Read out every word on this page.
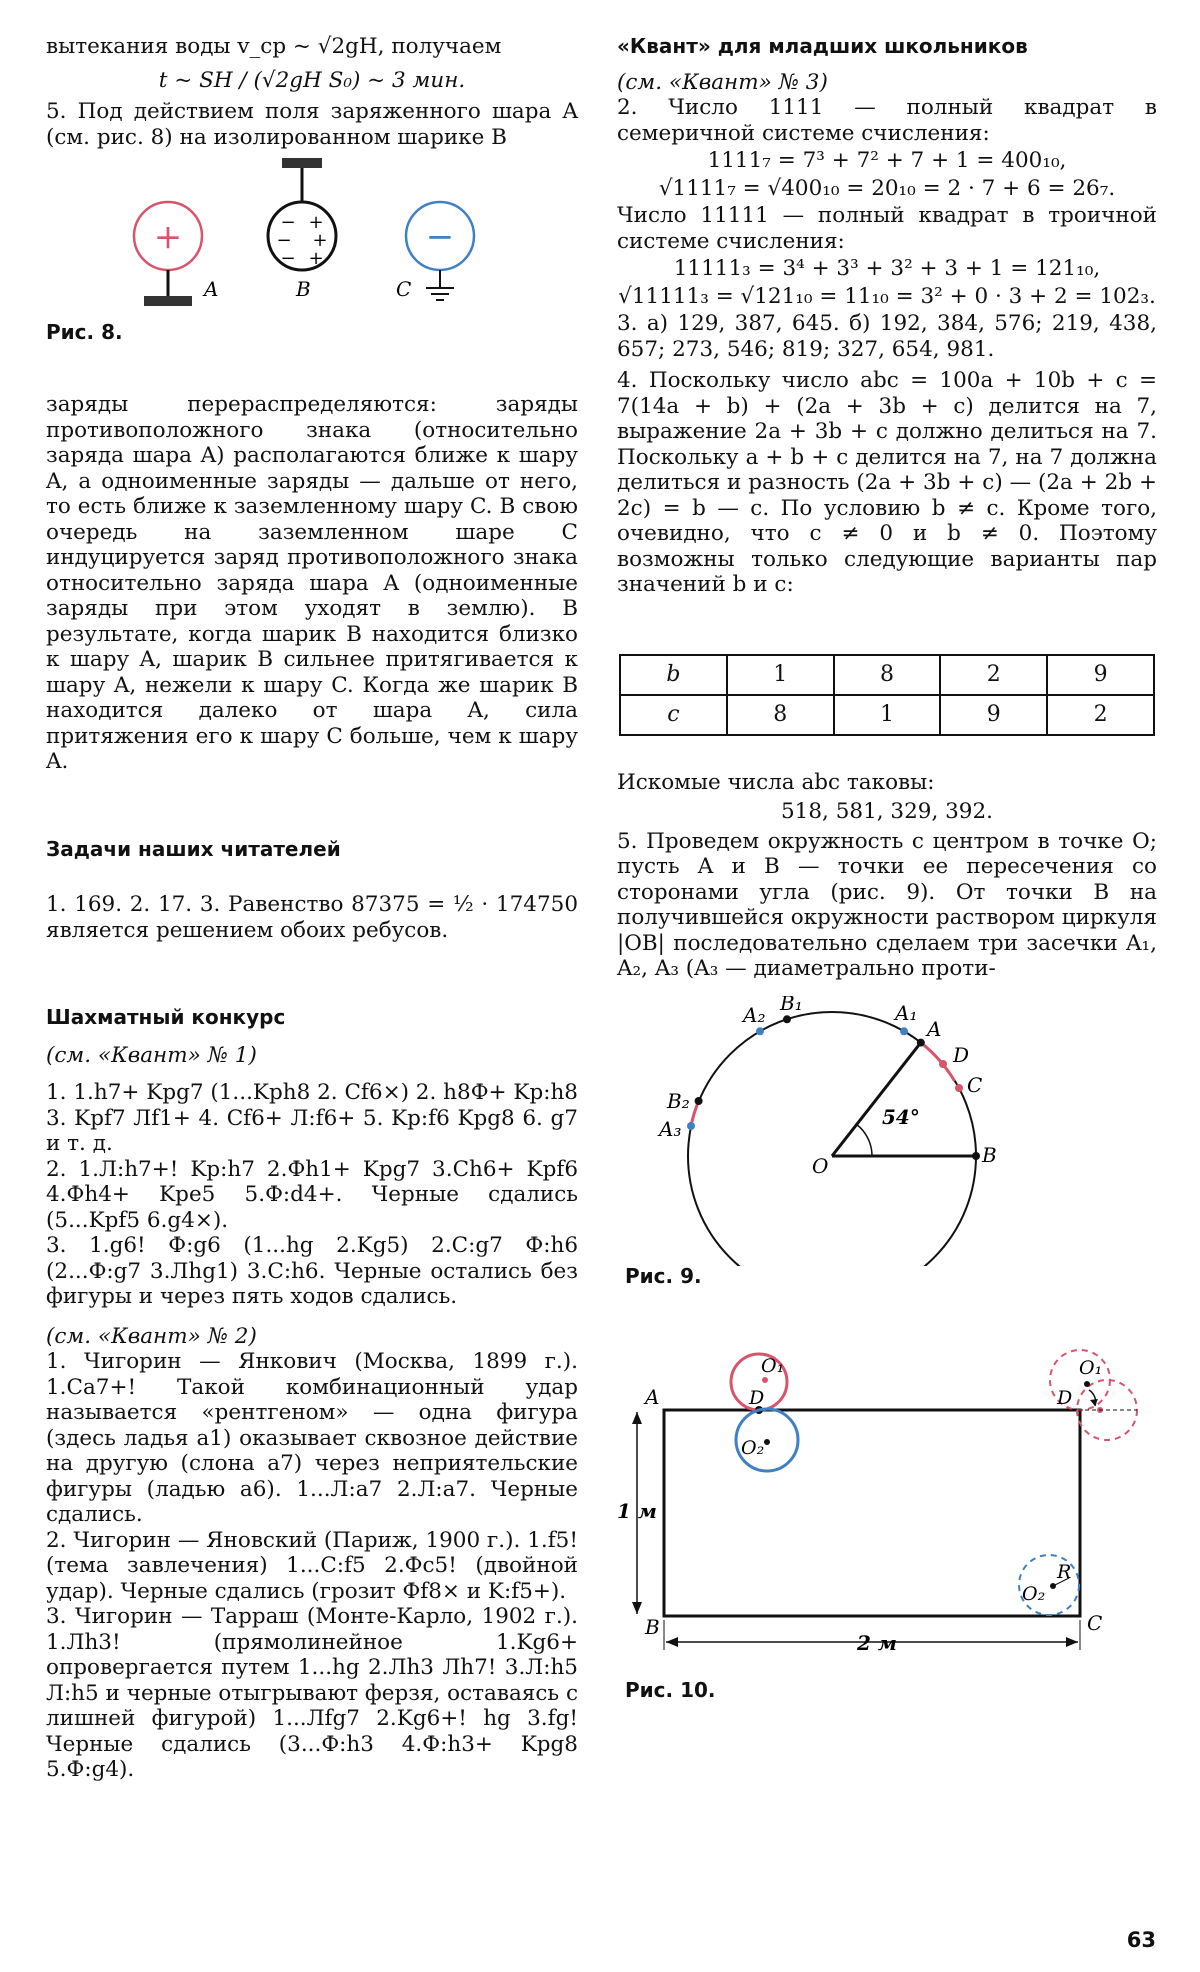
вытекания воды v_ср ~ √2gH, получаем

t ~ SH / (√2gH S₀) ~ 3 мин.

5. Под действием поля заряженного шара A (см. рис. 8) на изолированном шарике B

+
A
− +
− +
− +
B
−
C
Рис. 8.

заряды перераспределяются: заряды противоположного знака (относительно заряда шара A) располагаются ближе к шару A, а одноименные заряды — дальше от него, то есть ближе к заземленному шару C. В свою очередь на заземленном шаре C индуцируется заряд противоположного знака относительно заряда шара A (одноименные заряды при этом уходят в землю). В результате, когда шарик B находится близко к шару A, шарик B сильнее притягивается к шару A, нежели к шару C. Когда же шарик B находится далеко от шара A, сила притяжения его к шару C больше, чем к шару A.

Задачи наших читателей

1. 169. 2. 17. 3. Равенство 87375 = ½ · 174750 является решением обоих ребусов.

Шахматный конкурс

(см. «Квант» № 1)

1. 1.h7+ Kpg7 (1...Kph8 2. Cf6×) 2. h8Ф+ Kp:h8 3. Kpf7 Лf1+ 4. Cf6+ Л:f6+ 5. Kp:f6 Kpg8 6. g7 и т. д.

2. 1.Л:h7+! Kp:h7 2.Фh1+ Kpg7 3.Ch6+ Kpf6 4.Фh4+ Kpe5 5.Ф:d4+. Черные сдались (5...Kpf5 6.g4×).

3. 1.g6! Ф:g6 (1...hg 2.Kg5) 2.C:g7 Ф:h6 (2...Ф:g7 3.Лhg1) 3.C:h6. Черные остались без фигуры и через пять ходов сдались.

(см. «Квант» № 2)

1. Чигорин — Янкович (Москва, 1899 г.). 1.Ca7+! Такой комбинационный удар называется «рентгеном» — одна фигура (здесь ладья a1) оказывает сквозное действие на другую (слона a7) через неприятельские фигуры (ладью a6). 1...Л:a7 2.Л:a7. Черные сдались.

2. Чигорин — Яновский (Париж, 1900 г.). 1.f5! (тема завлечения) 1...C:f5 2.Фc5! (двойной удар). Черные сдались (грозит Фf8× и K:f5+).

3. Чигорин — Тарраш (Монте-Карло, 1902 г.). 1.Лh3! (прямолинейное 1.Kg6+ опровергается путем 1...hg 2.Лh3 Лh7! 3.Л:h5 Л:h5 и черные отыгрывают ферзя, оставаясь с лишней фигурой) 1...Лfg7 2.Kg6+! hg 3.fg! Черные сдались (3...Ф:h3 4.Ф:h3+ Kpg8 5.Ф:g4).

«Квант» для младших школьников

(см. «Квант» № 3)

2. Число 1111 — полный квадрат в семеричной системе счисления:

1111₇ = 7³ + 7² + 7 + 1 = 400₁₀,

√1111₇ = √400₁₀ = 20₁₀ = 2 · 7 + 6 = 26₇.

Число 11111 — полный квадрат в троичной системе счисления:

11111₃ = 3⁴ + 3³ + 3² + 3 + 1 = 121₁₀,

√11111₃ = √121₁₀ = 11₁₀ = 3² + 0 · 3 + 2 = 102₃.

3. а) 129, 387, 645. б) 192, 384, 576; 219, 438, 657; 273, 546; 819; 327, 654, 981.

4. Поскольку число abc = 100a + 10b + c = 7(14a + b) + (2a + 3b + c) делится на 7, выражение 2a + 3b + c должно делиться на 7. Поскольку a + b + c делится на 7, на 7 должна делиться и разность (2a + 3b + c) — (2a + 2b + 2c) = b — c. По условию b ≠ c. Кроме того, очевидно, что c ≠ 0 и b ≠ 0. Поэтому возможны только следующие варианты пар значений b и c:

b	1	8	2	9
c	8	1	9	2

Искомые числа abc таковы:

518, 581, 329, 392.

5. Проведем окружность с центром в точке O; пусть A и B — точки ее пересечения со сторонами угла (рис. 9). От точки B на получившейся окружности раствором циркуля |OB| последовательно сделаем три засечки A₁, A₂, A₃ (A₃ — диаметрально проти-

O	B
A
A₁
D
C
B₁
A₂
B₂
A₃	54°
Рис. 9.
1 м
2 м
A
B	C
O₁
D
O₂
O₁
D
O₂
R
Рис. 10.
63
